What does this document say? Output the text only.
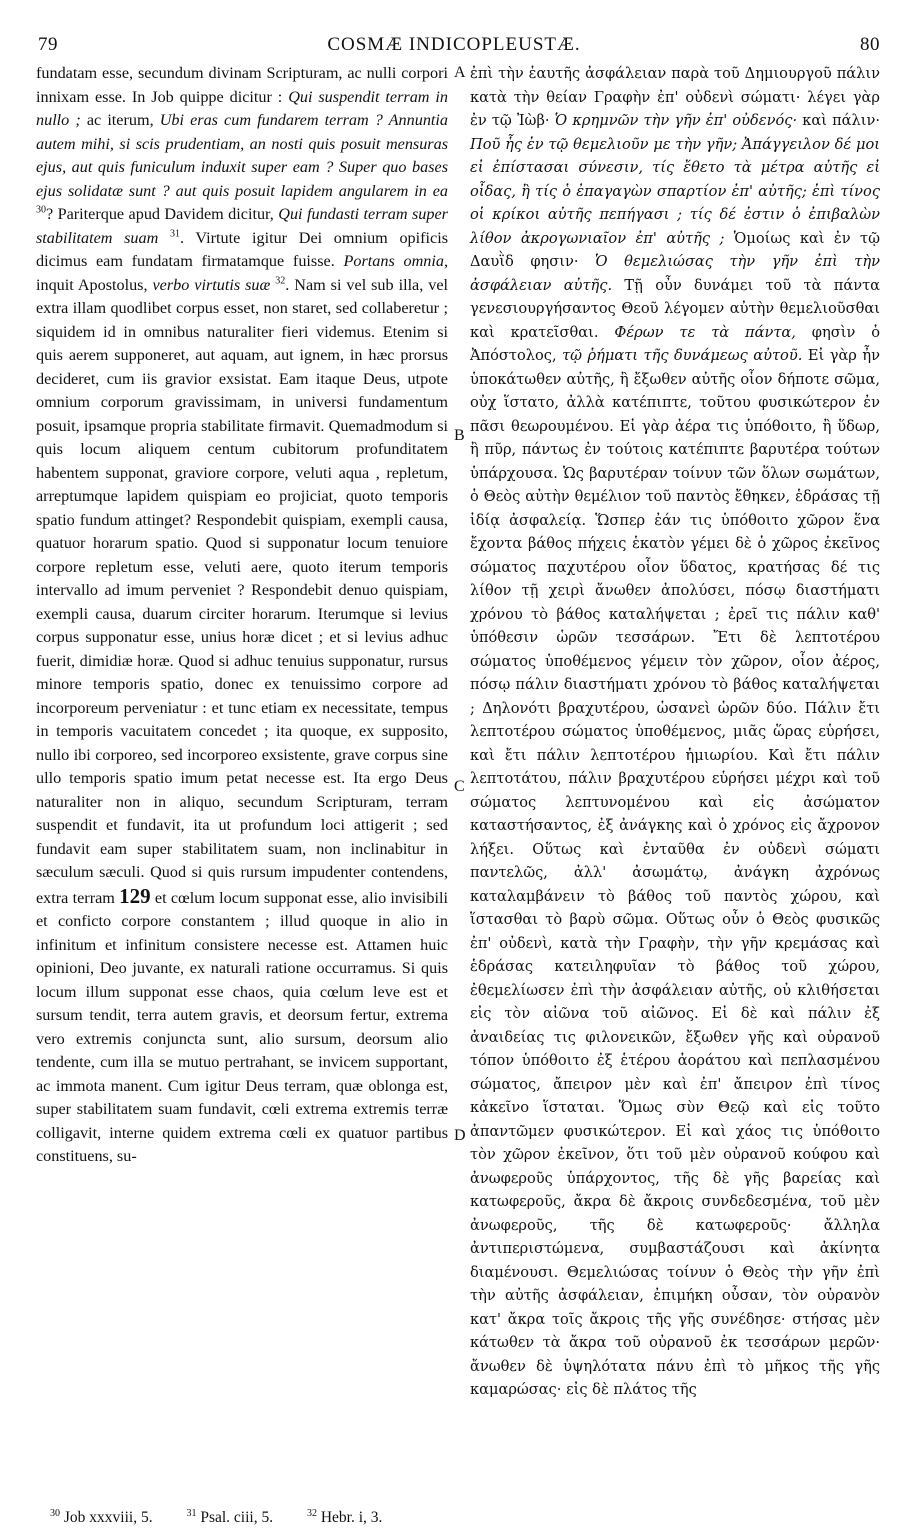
79	COSMÆ INDICOPLEUSTÆ.	80

fundatam esse, secundum divinam Scripturam, ac nulli corpori innixam esse. In Job quippe dicitur : Qui suspendit terram in nullo ; ac iterum, Ubi eras cum fundarem terram ? Annuntia autem mihi, si scis prudentiam, an nosti quis posuit mensuras ejus, aut quis funiculum induxit super eam ? Super quo bases ejus solidatæ sunt ? aut quis posuit lapidem angularem in ea $^{30}$? Pariterque apud Davidem dicitur, Qui fundasti terram super stabilitatem suam $^{31}$. Virtute igitur Dei omnium opificis dicimus eam fundatam firmatamque fuisse. Portans omnia, inquit Apostolus, verbo virtutis suæ $^{32}$. Nam si vel sub illa, vel extra illam quodlibet corpus esset, non staret, sed collaberetur ; siquidem id in omnibus naturaliter fieri videmus. Etenim si quis aerem supponeret, aut aquam, aut ignem, in hæc prorsus decideret, cum iis gravior exsistat. Eam itaque Deus, utpote omnium corporum gravissimam, in universi fundamentum posuit, ipsamque propria stabilitate firmavit. Quemadmodum si quis locum aliquem centum cubitorum profunditatem habentem supponat, graviore corpore, veluti aqua , repletum, arreptumque lapidem quispiam eo projiciat, quoto temporis spatio fundum attinget? Respondebit quispiam, exempli causa, quatuor horarum spatio. Quod si supponatur locum tenuiore corpore repletum esse, veluti aere, quoto iterum temporis intervallo ad imum perveniet ? Respondebit denuo quispiam, exempli causa, duarum circiter horarum. Iterumque si levius corpus supponatur esse, unius horæ dicet ; et si levius adhuc fuerit, dimidiæ horæ. Quod si adhuc tenuius supponatur, rursus minore temporis spatio, donec ex tenuissimo corpore ad incorporeum perveniatur : et tunc etiam ex necessitate, tempus in temporis vacuitatem concedet ; ita quoque, ex supposito, nullo ibi corporeo, sed incorporeo exsistente, grave corpus sine ullo temporis spatio imum petat necesse est. Ita ergo Deus naturaliter non in aliquo, secundum Scripturam, terram suspendit et fundavit, ita ut profundum loci attigerit ; sed fundavit eam super stabilitatem suam, non inclinabitur in sæculum sæculi. Quod si quis rursum impudenter contendens, extra terram 129 et cœlum locum supponat esse, alio invisibili et conficto corpore constantem ; illud quoque in alio in infinitum et infinitum consistere necesse est. Attamen huic opinioni, Deo juvante, ex naturali ratione occurramus. Si quis locum illum supponat esse chaos, quia cœlum leve est et sursum tendit, terra autem gravis, et deorsum fertur, extrema vero extremis conjuncta sunt, alio sursum, deorsum alio tendente, cum illa se mutuo pertrahant, se invicem supportant, ac immota manent. Cum igitur Deus terram, quæ oblonga est, super stabilitatem suam fundavit, cœli extrema extremis terræ colligavit, interne quidem extrema cœli ex quatuor partibus constituens, su-

A
B
C
D

ἐπὶ τὴν ἑαυτῆς ἀσφάλειαν παρὰ τοῦ Δημιουργοῦ πάλιν κατὰ τὴν θείαν Γραφὴν ἐπ' οὐδενὶ σώματι· λέγει γὰρ ἐν τῷ Ἰὼβ· Ὁ κρημνῶν τὴν γῆν ἐπ' οὐδενός· καὶ πάλιν· Ποῦ ἧς ἐν τῷ θεμελιοῦν με τὴν γῆν; Ἀπάγγειλον δέ μοι εἰ ἐπίστασαι σύνεσιν, τίς ἔθετο τὰ μέτρα αὐτῆς εἰ οἶδας, ἢ τίς ὁ ἐπαγαγὼν σπαρτίον ἐπ' αὐτῆς; ἐπὶ τίνος οἱ κρίκοι αὐτῆς πεπήγασι ; τίς δέ ἐστιν ὁ ἐπιβαλὼν λίθον ἀκρογωνιαῖον ἐπ' αὐτῆς ; Ὁμοίως καὶ ἐν τῷ Δαυῒδ φησιν· Ὁ θεμελιώσας τὴν γῆν ἐπὶ τὴν ἀσφάλειαν αὐτῆς. Τῇ οὖν δυνάμει τοῦ τὰ πάντα γενεσιουργήσαντος Θεοῦ λέγομεν αὐτὴν θεμελιοῦσθαι καὶ κρατεῖσθαι. Φέρων τε τὰ πάντα, φησὶν ὁ Ἀπόστολος, τῷ ῥήματι τῆς δυνάμεως αὐτοῦ. Εἰ γὰρ ἦν ὑποκάτωθεν αὐτῆς, ἢ ἔξωθεν αὐτῆς οἷον δήποτε σῶμα, οὐχ ἵστατο, ἀλλὰ κατέπιπτε, τοῦτου φυσικώτερον ἐν πᾶσι θεωρουμένου. Εἰ γὰρ ἀέρα τις ὑπόθοιτο, ἢ ὕδωρ, ἢ πῦρ, πάντως ἐν τούτοις κατέπιπτε βαρυτέρα τούτων ὑπάρχουσα. Ὡς βαρυτέραν τοίνυν τῶν ὅλων σωμάτων, ὁ Θεὸς αὐτὴν θεμέλιον τοῦ παντὸς ἔθηκεν, ἑδράσας τῇ ἰδίᾳ ἀσφαλείᾳ. Ὥσπερ ἐάν τις ὑπόθοιτο χῶρον ἕνα ἔχοντα βάθος πήχεις ἑκατὸν γέμει δὲ ὁ χῶρος ἐκεῖνος σώματος παχυτέρου οἷον ὕδατος, κρατήσας δέ τις λίθον τῇ χειρὶ ἄνωθεν ἀπολύσει, πόσῳ διαστήματι χρόνου τὸ βάθος καταλήψεται ; ἐρεῖ τις πάλιν καθ' ὑπόθεσιν ὡρῶν τεσσάρων. Ἔτι δὲ λεπτοτέρου σώματος ὑποθέμενος γέμειν τὸν χῶρον, οἷον ἀέρος, πόσῳ πάλιν διαστήματι χρόνου τὸ βάθος καταλήψεται ; Δηλονότι βραχυτέρου, ὡσανεὶ ὡρῶν δύο. Πάλιν ἔτι λεπτοτέρου σώματος ὑποθέμενος, μιᾶς ὥρας εὑρήσει, καὶ ἔτι πάλιν λεπτοτέρου ἡμιωρίου. Καὶ ἔτι πάλιν λεπτοτάτου, πάλιν βραχυτέρου εὑρήσει μέχρι καὶ τοῦ σώματος λεπτυνομένου καὶ εἰς ἀσώματον καταστήσαντος, ἐξ ἀνάγκης καὶ ὁ χρόνος εἰς ἄχρονον λήξει. Οὕτως καὶ ἐνταῦθα ἐν οὐδενὶ σώματι παντελῶς, ἀλλ' ἀσωμάτῳ, ἀνάγκη ἀχρόνως καταλαμβάνειν τὸ βάθος τοῦ παντὸς χώρου, καὶ ἵστασθαι τὸ βαρὺ σῶμα. Οὕτως οὖν ὁ Θεὸς φυσικῶς ἐπ' οὐδενὶ, κατὰ τὴν Γραφὴν, τὴν γῆν κρεμάσας καὶ ἑδράσας κατειληφυῖαν τὸ βάθος τοῦ χώρου, ἐθεμελίωσεν ἐπὶ τὴν ἀσφάλειαν αὐτῆς, οὐ κλιθήσεται εἰς τὸν αἰῶνα τοῦ αἰῶνος. Εἰ δὲ καὶ πάλιν ἐξ ἀναιδείας τις φιλονεικῶν, ἔξωθεν γῆς καὶ οὐρανοῦ τόπον ὑπόθοιτο ἐξ ἑτέρου ἀοράτου καὶ πεπλασμένου σώματος, ἄπειρον μὲν καὶ ἐπ' ἄπειρον ἐπὶ τίνος κἀκεῖνο ἵσταται. Ὅμως σὺν Θεῷ καὶ εἰς τοῦτο ἀπαντῶμεν φυσικώτερον. Εἰ καὶ χάος τις ὑπόθοιτο τὸν χῶρον ἐκεῖνον, ὅτι τοῦ μὲν οὐρανοῦ κούφου καὶ ἀνωφεροῦς ὑπάρχοντος, τῆς δὲ γῆς βαρείας καὶ κατωφεροῦς, ἄκρα δὲ ἄκροις συνδεδεσμένα, τοῦ μὲν ἀνωφεροῦς, τῆς δὲ κατωφεροῦς· ἄλληλα ἀντιπεριστώμενα, συμβαστάζουσι καὶ ἀκίνητα διαμένουσι. Θεμελιώσας τοίνυν ὁ Θεὸς τὴν γῆν ἐπὶ τὴν αὐτῆς ἀσφάλειαν, ἐπιμήκη οὖσαν, τὸν οὐρανὸν κατ' ἄκρα τοῖς ἄκροις τῆς γῆς συνέδησε· στήσας μὲν κάτωθεν τὰ ἄκρα τοῦ οὐρανοῦ ἐκ τεσσάρων μερῶν· ἄνωθεν δὲ ὑψηλότατα πάνυ ἐπὶ τὸ μῆκος τῆς γῆς καμαρώσας· εἰς δὲ πλάτος τῆς

$^{30}$ Job xxxviii, 5.	$^{31}$ Psal. ciii, 5.	$^{32}$ Hebr. i, 3.
